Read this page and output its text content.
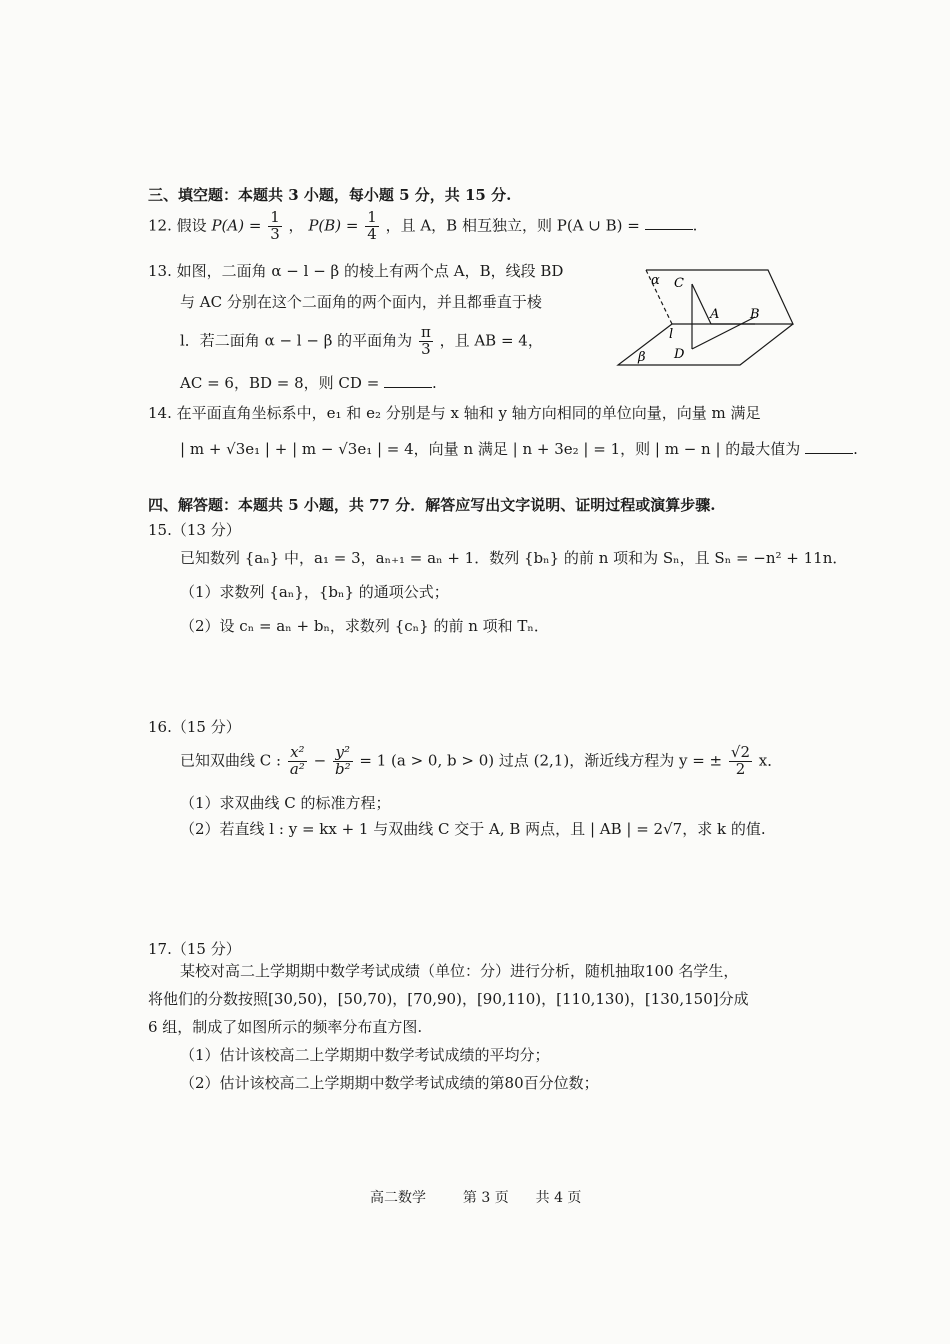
三、填空题：本题共 3 小题，每小题 5 分，共 15 分.
12. 假设 $P(A) = \frac{1}{3}$ ， $P(B) = \frac{1}{4}$ ，且 A，B 相互独立，则 P(A ∪ B) =	.
13. 如图，二面角 α − l − β 的棱上有两个点 A，B，线段 BD
与 AC 分别在这个二面角的两个面内，并且都垂直于棱
l．若二面角 α − l − β 的平面角为 $\frac{\pi}{3}$ ，且 AB = 4，
AC = 6，BD = 8，则 CD =	.
α C
A B
l
D
β
14. 在平面直角坐标系中，e₁ 和 e₂ 分别是与 x 轴和 y 轴方向相同的单位向量，向量 m 满足
| m + √3e₁ | + | m − √3e₁ | = 4，向量 n 满足 | n + 3e₂ | = 1，则 | m − n | 的最大值为	.
四、解答题：本题共 5 小题，共 77 分．解答应写出文字说明、证明过程或演算步骤.
15.（13 分）
已知数列 {aₙ} 中，a₁ = 3，aₙ₊₁ = aₙ + 1．数列 {bₙ} 的前 n 项和为 Sₙ，且 Sₙ = −n² + 11n．
（1）求数列 {aₙ}，{bₙ} 的通项公式；
（2）设 cₙ = aₙ + bₙ，求数列 {cₙ} 的前 n 项和 Tₙ．
16.（15 分）
已知双曲线 C : $\frac{\text{x²}}{\text{a²}} - \frac{\text{y²}}{\text{b²}} = 1$ (a > 0, b > 0) 过点 (2,1)，渐近线方程为 y = ± $\frac{√2}{2}$ x．
（1）求双曲线 C 的标准方程；
（2）若直线 l : y = kx + 1 与双曲线 C 交于 A, B 两点，且 | AB | = 2√7，求 k 的值.
17.（15 分）
某校对高二上学期期中数学考试成绩（单位：分）进行分析，随机抽取100 名学生，
将他们的分数按照[30,50)，[50,70)，[70,90)，[90,110)，[110,130)，[130,150]分成
6 组，制成了如图所示的频率分布直方图.
（1）估计该校高二上学期期中数学考试成绩的平均分；
（2）估计该校高二上学期期中数学考试成绩的第80百分位数；
高二数学	第 3 页 共 4 页
